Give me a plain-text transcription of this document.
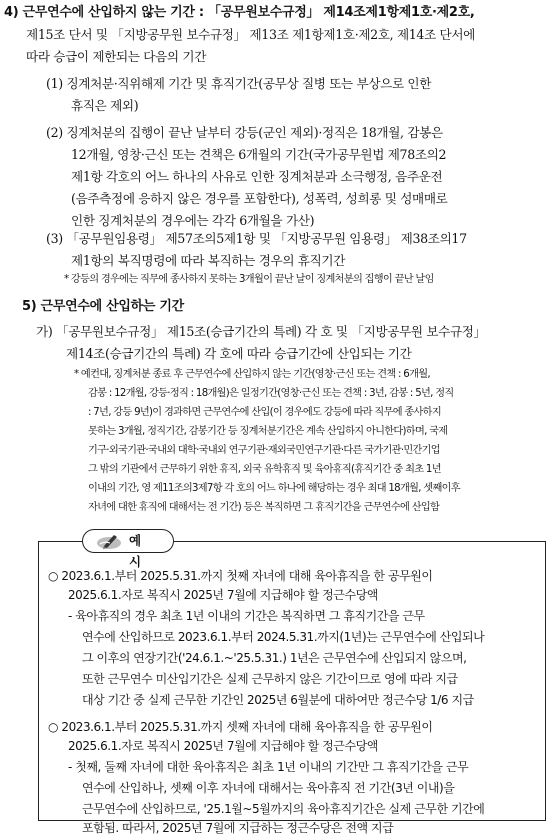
4) 근무연수에 산입하지 않는 기간 : 「공무원보수규정」 제14조제1항제1호·제2호,
제15조 단서 및 「지방공무원 보수규정」 제13조 제1항제1호·제2호, 제14조 단서에
따라 승급이 제한되는 다음의 기간
(1) 징계처분·직위해제 기간 및 휴직기간(공무상 질병 또는 부상으로 인한
휴직은 제외)
(2) 징계처분의 집행이 끝난 날부터 강등(군인 제외)·정직은 18개월, 감봉은
12개월, 영창·근신 또는 견책은 6개월의 기간(국가공무원법 제78조의2
제1항 각호의 어느 하나의 사유로 인한 징계처분과 소극행정, 음주운전
(음주측정에 응하지 않은 경우를 포함한다), 성폭력, 성희롱 및 성매매로
인한 징계처분의 경우에는 각각 6개월을 가산)
(3) 「공무원임용령」 제57조의5제1항 및 「지방공무원 임용령」 제38조의17
제1항의 복직명령에 따라 복직하는 경우의 휴직기간
* 강등의 경우에는 직무에 종사하지 못하는 3개월이 끝난 날이 징계처분의 집행이 끝난 날임
5) 근무연수에 산입하는 기간
가) 「공무원보수규정」 제15조(승급기간의 특례) 각 호 및 「지방공무원 보수규정」
제14조(승급기간의 특례) 각 호에 따라 승급기간에 산입되는 기간
* 예컨대, 징계처분 종료 후 근무연수에 산입하지 않는 기간(영창·근신 또는 견책 : 6개월,
감봉 : 12개월, 강등·정직 : 18개월)은 일정기간(영창·근신 또는 견책 : 3년, 감봉 : 5년, 정직
: 7년, 강등 9년)이 경과하면 근무연수에 산입(이 경우에도 강등에 따라 직무에 종사하지
못하는 3개월, 정직기간, 감봉기간 등 징계처분기간은 계속 산입하지 아니한다)하며, 국제
기구·외국기관·국내외 대학·국내외 연구기관·재외국민연구기관·다른 국가기관·민간기업
그 밖의 기관에서 근무하기 위한 휴직, 외국 유학휴직 및 육아휴직(휴직기간 중 최초 1년
이내의 기간, 영 제11조의3제7항 각 호의 어느 하나에 해당하는 경우 최대 18개월, 셋째이후
자녀에 대한 휴직에 대해서는 전 기간) 등은 복직하면 그 휴직기간을 근무연수에 산입함
○ 2023.6.1.부터 2025.5.31.까지 첫째 자녀에 대해 육아휴직을 한 공무원이
2025.6.1.자로 복직시 2025년 7월에 지급해야 할 정근수당액
- 육아휴직의 경우 최초 1년 이내의 기간은 복직하면 그 휴직기간을 근무
연수에 산입하므로 2023.6.1.부터 2024.5.31.까지(1년)는 근무연수에 산입되나
그 이후의 연장기간('24.6.1.~'25.5.31.) 1년은 근무연수에 산입되지 않으며,
또한 근무연수 미산입기간은 실제 근무하지 않은 기간이므로 영에 따라 지급
대상 기간 중 실제 근무한 기간인 2025년 6월분에 대하여만 정근수당 1/6 지급
○ 2023.6.1.부터 2025.5.31.까지 셋째 자녀에 대해 육아휴직을 한 공무원이
2025.6.1.자로 복직시 2025년 7월에 지급해야 할 정근수당액
- 첫째, 둘째 자녀에 대한 육아휴직은 최초 1년 이내의 기간만 그 휴직기간을 근무
연수에 산입하나, 셋째 이후 자녀에 대해서는 육아휴직 전 기간(3년 이내)을
근무연수에 산입하므로, '25.1월~5월까지의 육아휴직기간은 실제 근무한 기간에
포함됨. 따라서, 2025년 7월에 지급하는 정근수당은 전액 지급
예 시
